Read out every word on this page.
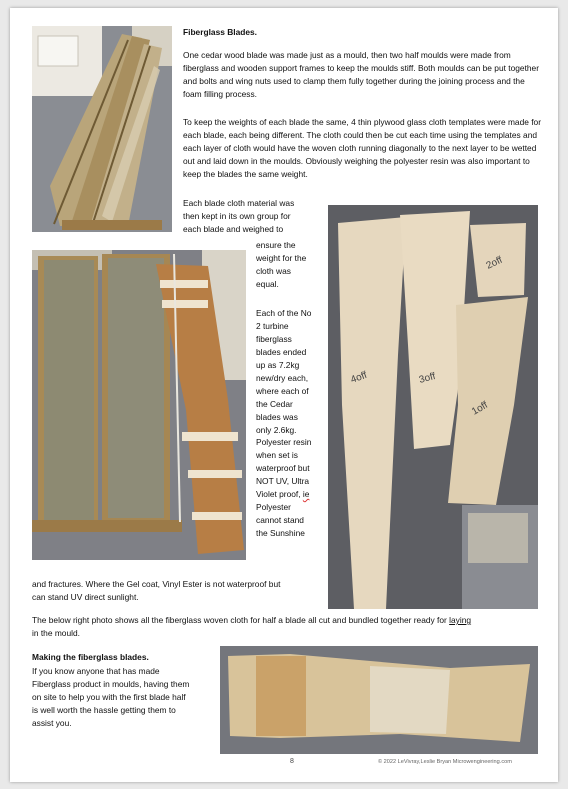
Fiberglass Blades.

One cedar wood blade was made just as a mould, then two half moulds were made from fiberglass and wooden support frames to keep the moulds stiff. Both moulds can be put together and bolts and wing nuts used to clamp them fully together during the joining process and the foam filling process.

To keep the weights of each blade the same, 4 thin plywood glass cloth templates were made for each blade, each being different. The cloth could then be cut each time using the templates and each layer of cloth would have the woven cloth running diagonally to the next layer to be wetted out and laid down in the moulds. Obviously weighing the polyester resin was also important to keep the blades the same weight.

Each blade cloth material was
then kept in its own group for
each blade and weighed to

ensure the
weight for the
cloth was
equal.

Each of the No
2 turbine
fiberglass
blades ended
up as 7.2kg
new/dry each,
where each of
the Cedar
blades was
only 2.6kg.

Polyester resin
when set is
waterproof but
NOT UV, Ultra
Violet proof, ie
Polyester
cannot stand
the Sunshine

and fractures. Where the Gel coat, Vinyl Ester is not waterproof but
can stand UV direct sunlight.

4off	3off
2off
1off

The below right photo shows all the fiberglass woven cloth for half a blade all cut and bundled together ready for laying
in the mould.

Making the fiberglass blades.

If you know anyone that has made
Fiberglass product in moulds, having them
on site to help you with the first blade half
is well worth the hassle getting them to
assist you.

8	© 2022 LeVivray,Leslie Bryan Microwengineering.com
